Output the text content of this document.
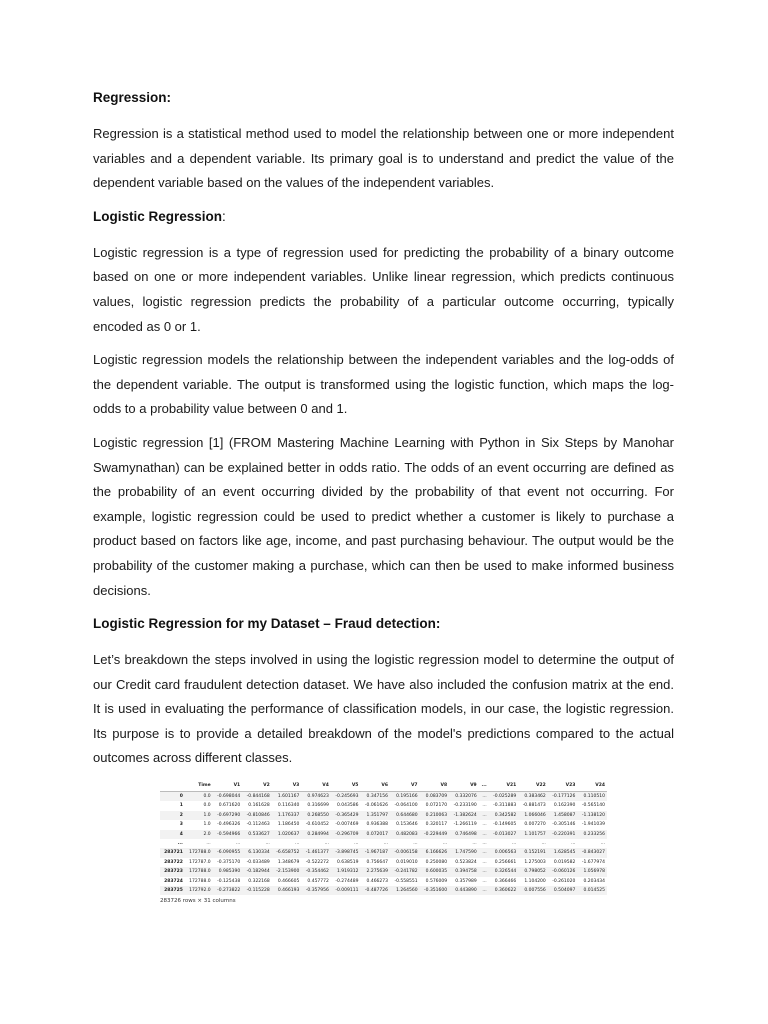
Regression:

Regression is a statistical method used to model the relationship between one or more independent variables and a dependent variable. Its primary goal is to understand and predict the value of the dependent variable based on the values of the independent variables.

Logistic Regression:

Logistic regression is a type of regression used for predicting the probability of a binary outcome based on one or more independent variables. Unlike linear regression, which predicts continuous values, logistic regression predicts the probability of a particular outcome occurring, typically encoded as 0 or 1.

Logistic regression models the relationship between the independent variables and the log-odds of the dependent variable. The output is transformed using the logistic function, which maps the log-odds to a probability value between 0 and 1.

Logistic regression [1] (FROM Mastering Machine Learning with Python in Six Steps by Manohar Swamynathan) can be explained better in odds ratio. The odds of an event occurring are defined as the probability of an event occurring divided by the probability of that event not occurring. For example, logistic regression could be used to predict whether a customer is likely to purchase a product based on factors like age, income, and past purchasing behaviour. The output would be the probability of the customer making a purchase, which can then be used to make informed business decisions.

Logistic Regression for my Dataset – Fraud detection:

Let’s breakdown the steps involved in using the logistic regression model to determine the output of our Credit card fraudulent detection dataset. We have also included the confusion matrix at the end. It is used in evaluating the performance of classification models, in our case, the logistic regression. Its purpose is to provide a detailed breakdown of the model's predictions compared to the actual outcomes across different classes.

	Time	V1	V2	V3	V4	V5	V6	V7	V8	V9	...	V21	V22	V23	V24
0	0.0	-0.698044	-0.844168	1.601167	0.974623	-0.245693	0.347156	0.195166	0.083709	0.332076	...	-0.025289	0.383462	-0.177126	0.110510
1	0.0	0.671620	0.161628	0.116340	0.316699	0.043586	-0.061626	-0.064100	0.072170	-0.233190	...	-0.311883	-0.881473	0.162390	-0.565140
2	1.0	-0.697290	-0.810846	1.176337	0.268550	-0.365429	1.351797	0.644680	0.210063	-1.382624	...	0.342582	1.066046	1.458087	-1.138120
3	1.0	-0.496326	-0.112463	1.186450	-0.610452	-0.007469	0.936388	0.153646	0.320117	-1.266119	...	-0.149605	0.007270	-0.305146	-1.941039
4	2.0	-0.594966	0.533627	1.020637	0.284994	-0.296709	0.072017	0.482083	-0.229449	0.746498	...	-0.013027	1.101757	-0.220391	0.233256
...	...	...	...	...	...	...	...	...	...	...	...	...	...	...	...
283721	172788.0	-6.090955	6.130334	-6.658752	-1.461377	-3.898745	-1.967187	-0.006158	6.166626	1.747590	...	0.006563	0.152191	1.628545	-0.843027
283722	172787.0	-0.375170	-0.033489	1.348679	-0.522272	0.638519	0.756647	0.019010	0.250080	0.523824	...	0.256661	1.275003	0.019582	-1.677974
283723	172788.0	0.985390	-0.182944	-2.153900	-0.354462	1.919312	2.275639	-0.241782	0.600035	0.394758	...	0.326544	0.798052	-0.060126	1.056978
283724	172788.0	-0.125438	0.322168	0.466605	0.457772	-0.274489	0.466273	-0.558551	0.576009	0.357989	...	0.366466	1.104200	-0.261020	0.203434
283725	172792.0	-0.273822	-0.115228	0.466193	-0.357956	-0.009111	-0.487726	1.264560	-0.351600	0.443890	...	0.360622	0.007556	0.504097	0.014525
283726 rows × 31 columns
